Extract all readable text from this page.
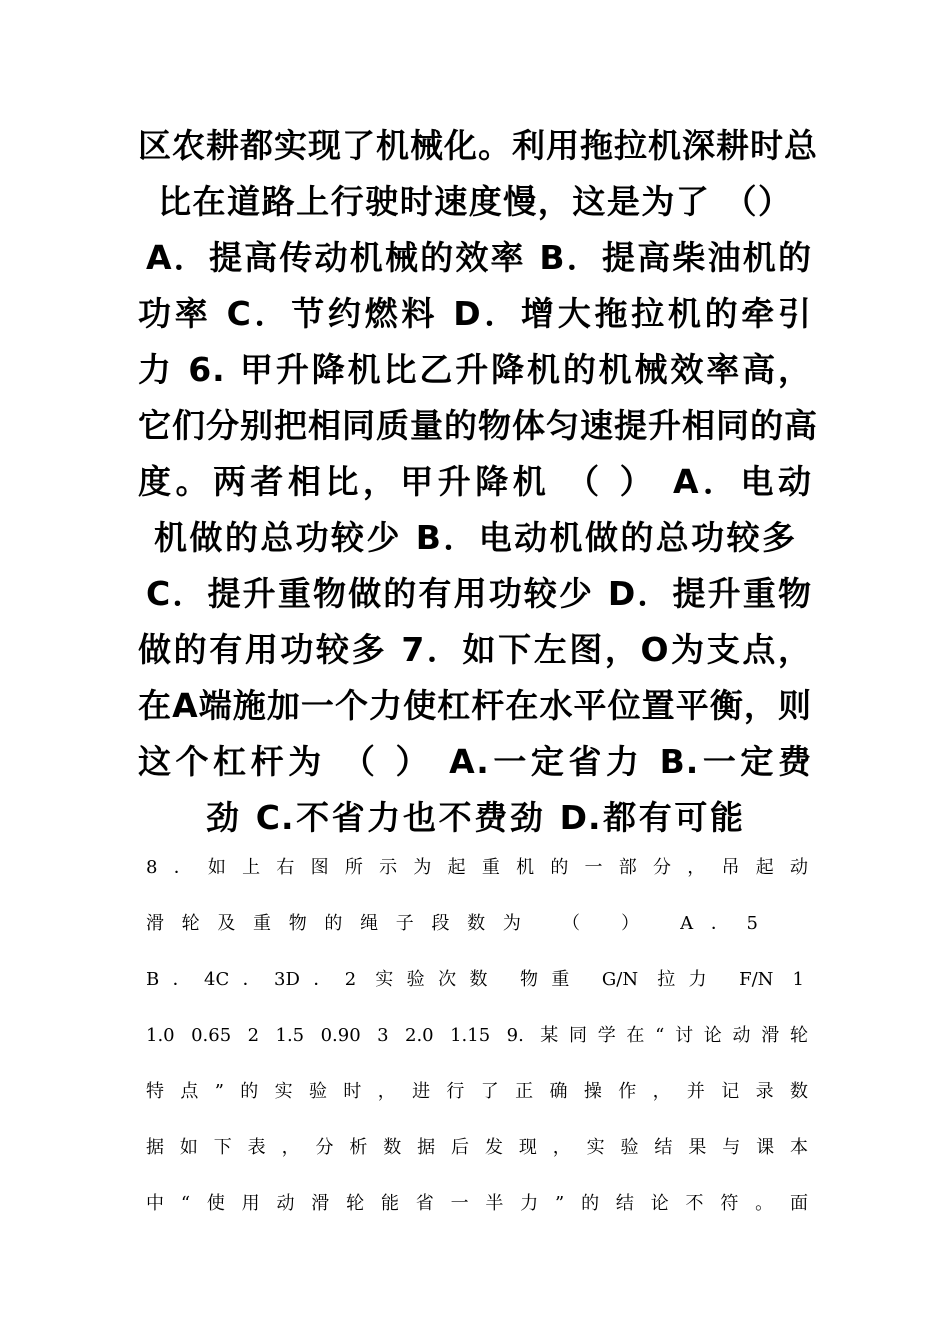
区农耕都实现了机械化。利用拖拉机深耕时总
比在道路上行驶时速度慢，这是为了 （）
A．提高传动机械的效率 B．提高柴油机的
功率 C．节约燃料 D．增大拖拉机的牵引
力 6. 甲升降机比乙升降机的机械效率高，
它们分别把相同质量的物体匀速提升相同的高
度。两者相比，甲升降机 （ ） A．电动
机做的总功较少 B．电动机做的总功较多
C．提升重物做的有用功较少 D．提升重物
做的有用功较多 7．如下左图，O为支点，
在A端施加一个力使杠杆在水平位置平衡，则
这个杠杆为 （ ） A.一定省力 B.一定费
劲 C.不省力也不费劲 D.都有可能
8．如上右图所示为起重机的一部分，吊起动
滑轮及重物的绳子段数为 （ ） A．5
B．4C．3D．2 实验次数 物重 G/N 拉力 F/N 1
1.0 0.65 2 1.5 0.90 3 2.0 1.15 9. 某同学在“讨论动滑轮
特点”的实验时，进行了正确操作，并记录数
据如下表，分析数据后发现，实验结果与课本
中“使用动滑轮能省一半力”的结论不符。面
